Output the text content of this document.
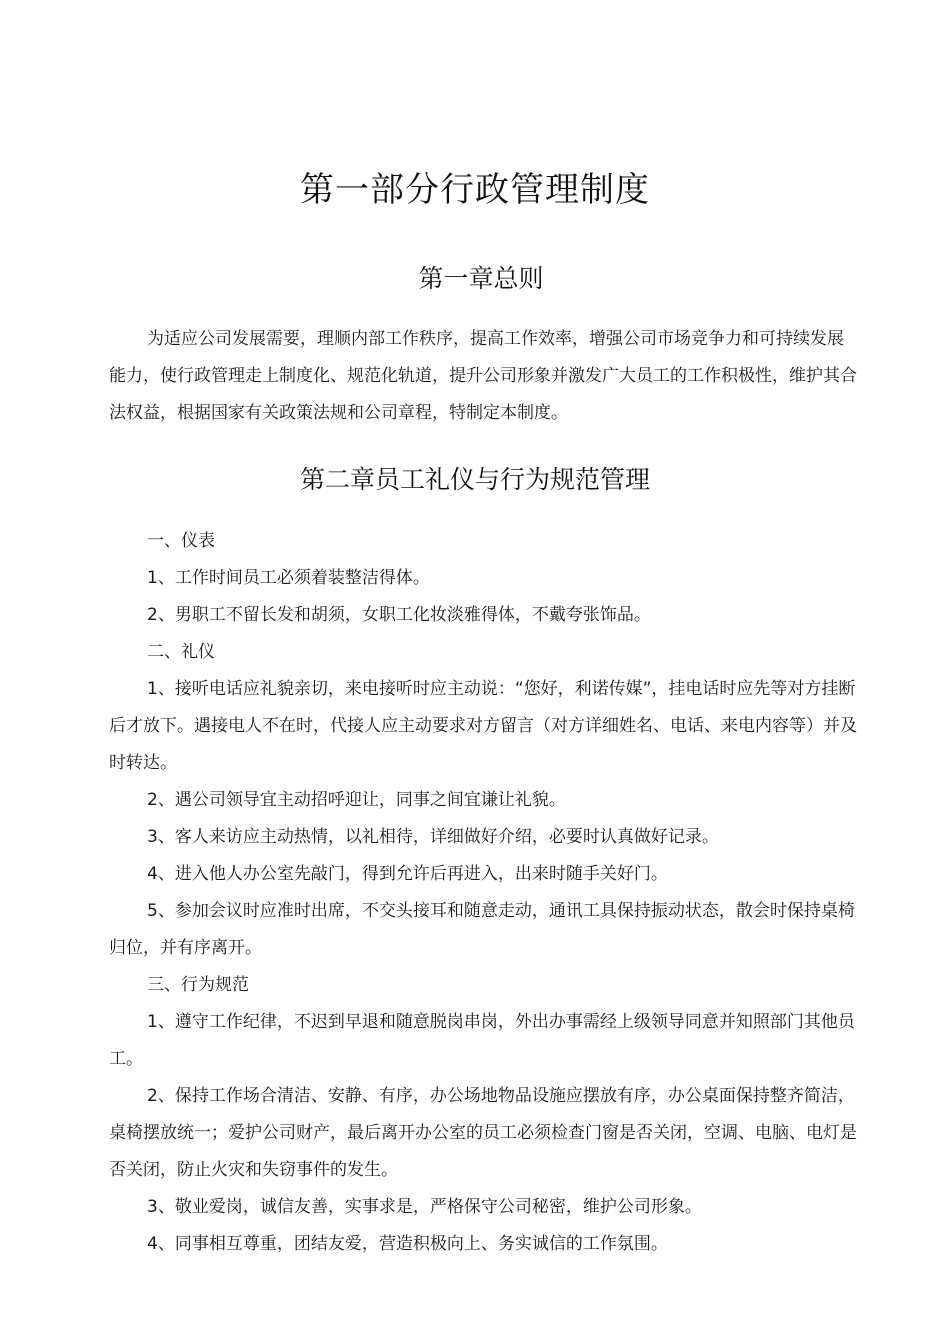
第一部分行政管理制度
第一章总则

为适应公司发展需要，理顺内部工作秩序，提高工作效率，增强公司市场竞争力和可持续发展能力，使行政管理走上制度化、规范化轨道，提升公司形象并激发广大员工的工作积极性，维护其合法权益，根据国家有关政策法规和公司章程，特制定本制度。

第二章员工礼仪与行为规范管理

一、仪表

1、工作时间员工必须着装整洁得体。

2、男职工不留长发和胡须，女职工化妆淡雅得体，不戴夸张饰品。

二、礼仪

1、接听电话应礼貌亲切，来电接听时应主动说：“您好，利诺传媒”，挂电话时应先等对方挂断后才放下。遇接电人不在时，代接人应主动要求对方留言（对方详细姓名、电话、来电内容等）并及时转达。

2、遇公司领导宜主动招呼迎让，同事之间宜谦让礼貌。

3、客人来访应主动热情，以礼相待，详细做好介绍，必要时认真做好记录。

4、进入他人办公室先敲门，得到允许后再进入，出来时随手关好门。

5、参加会议时应准时出席，不交头接耳和随意走动，通讯工具保持振动状态，散会时保持桌椅归位，并有序离开。

三、行为规范

1、遵守工作纪律，不迟到早退和随意脱岗串岗，外出办事需经上级领导同意并知照部门其他员工。

2、保持工作场合清洁、安静、有序，办公场地物品设施应摆放有序，办公桌面保持整齐简洁，桌椅摆放统一；爱护公司财产，最后离开办公室的员工必须检查门窗是否关闭，空调、电脑、电灯是否关闭，防止火灾和失窃事件的发生。

3、敬业爱岗，诚信友善，实事求是，严格保守公司秘密，维护公司形象。

4、同事相互尊重，团结友爱，营造积极向上、务实诚信的工作氛围。
